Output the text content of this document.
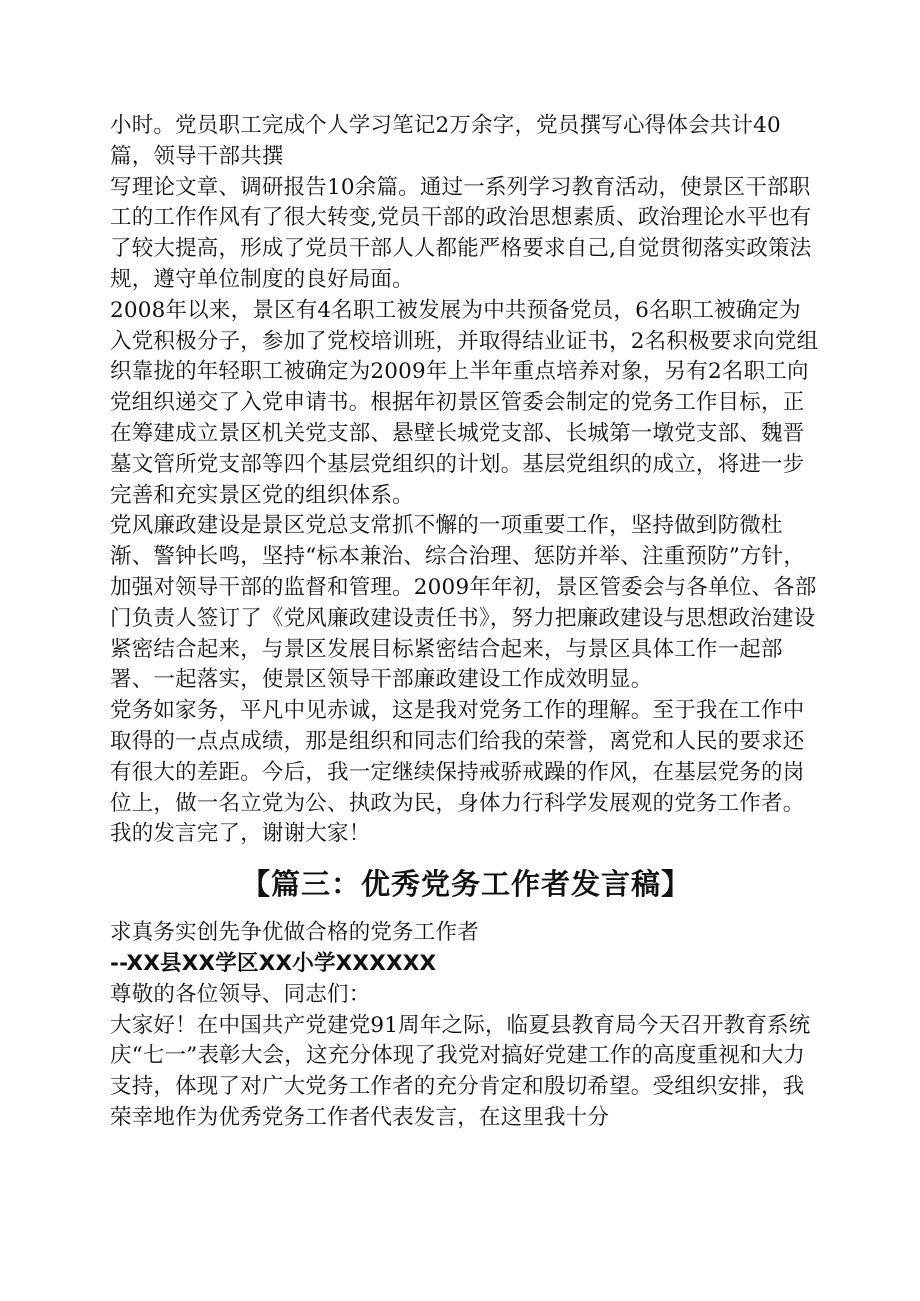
小时。党员职工完成个人学习笔记2万余字，党员撰写心得体会共计40篇，领导干部共撰

写理论文章、调研报告10余篇。通过一系列学习教育活动，使景区干部职工的工作作风有了很大转变,党员干部的政治思想素质、政治理论水平也有了较大提高，形成了党员干部人人都能严格要求自己,自觉贯彻落实政策法规，遵守单位制度的良好局面。

2008年以来，景区有4名职工被发展为中共预备党员，6名职工被确定为入党积极分子，参加了党校培训班，并取得结业证书，2名积极要求向党组织靠拢的年轻职工被确定为2009年上半年重点培养对象，另有2名职工向党组织递交了入党申请书。根据年初景区管委会制定的党务工作目标，正在筹建成立景区机关党支部、悬壁长城党支部、长城第一墩党支部、魏晋墓文管所党支部等四个基层党组织的计划。基层党组织的成立，将进一步完善和充实景区党的组织体系。

党风廉政建设是景区党总支常抓不懈的一项重要工作，坚持做到防微杜渐、警钟长鸣，坚持“标本兼治、综合治理、惩防并举、注重预防”方针，加强对领导干部的监督和管理。2009年年初，景区管委会与各单位、各部门负责人签订了《党风廉政建设责任书》，努力把廉政建设与思想政治建设紧密结合起来，与景区发展目标紧密结合起来，与景区具体工作一起部署、一起落实，使景区领导干部廉政建设工作成效明显。

党务如家务，平凡中见赤诚，这是我对党务工作的理解。至于我在工作中取得的一点点成绩，那是组织和同志们给我的荣誉，离党和人民的要求还有很大的差距。今后，我一定继续保持戒骄戒躁的作风，在基层党务的岗位上，做一名立党为公、执政为民，身体力行科学发展观的党务工作者。

我的发言完了，谢谢大家！

【篇三：优秀党务工作者发言稿】

求真务实创先争优做合格的党务工作者

--XX县XX学区XX小学XXXXXX

尊敬的各位领导、同志们：

大家好！在中国共产党建党91周年之际，临夏县教育局今天召开教育系统庆“七一”表彰大会，这充分体现了我党对搞好党建工作的高度重视和大力支持，体现了对广大党务工作者的充分肯定和殷切希望。受组织安排，我荣幸地作为优秀党务工作者代表发言，在这里我十分
